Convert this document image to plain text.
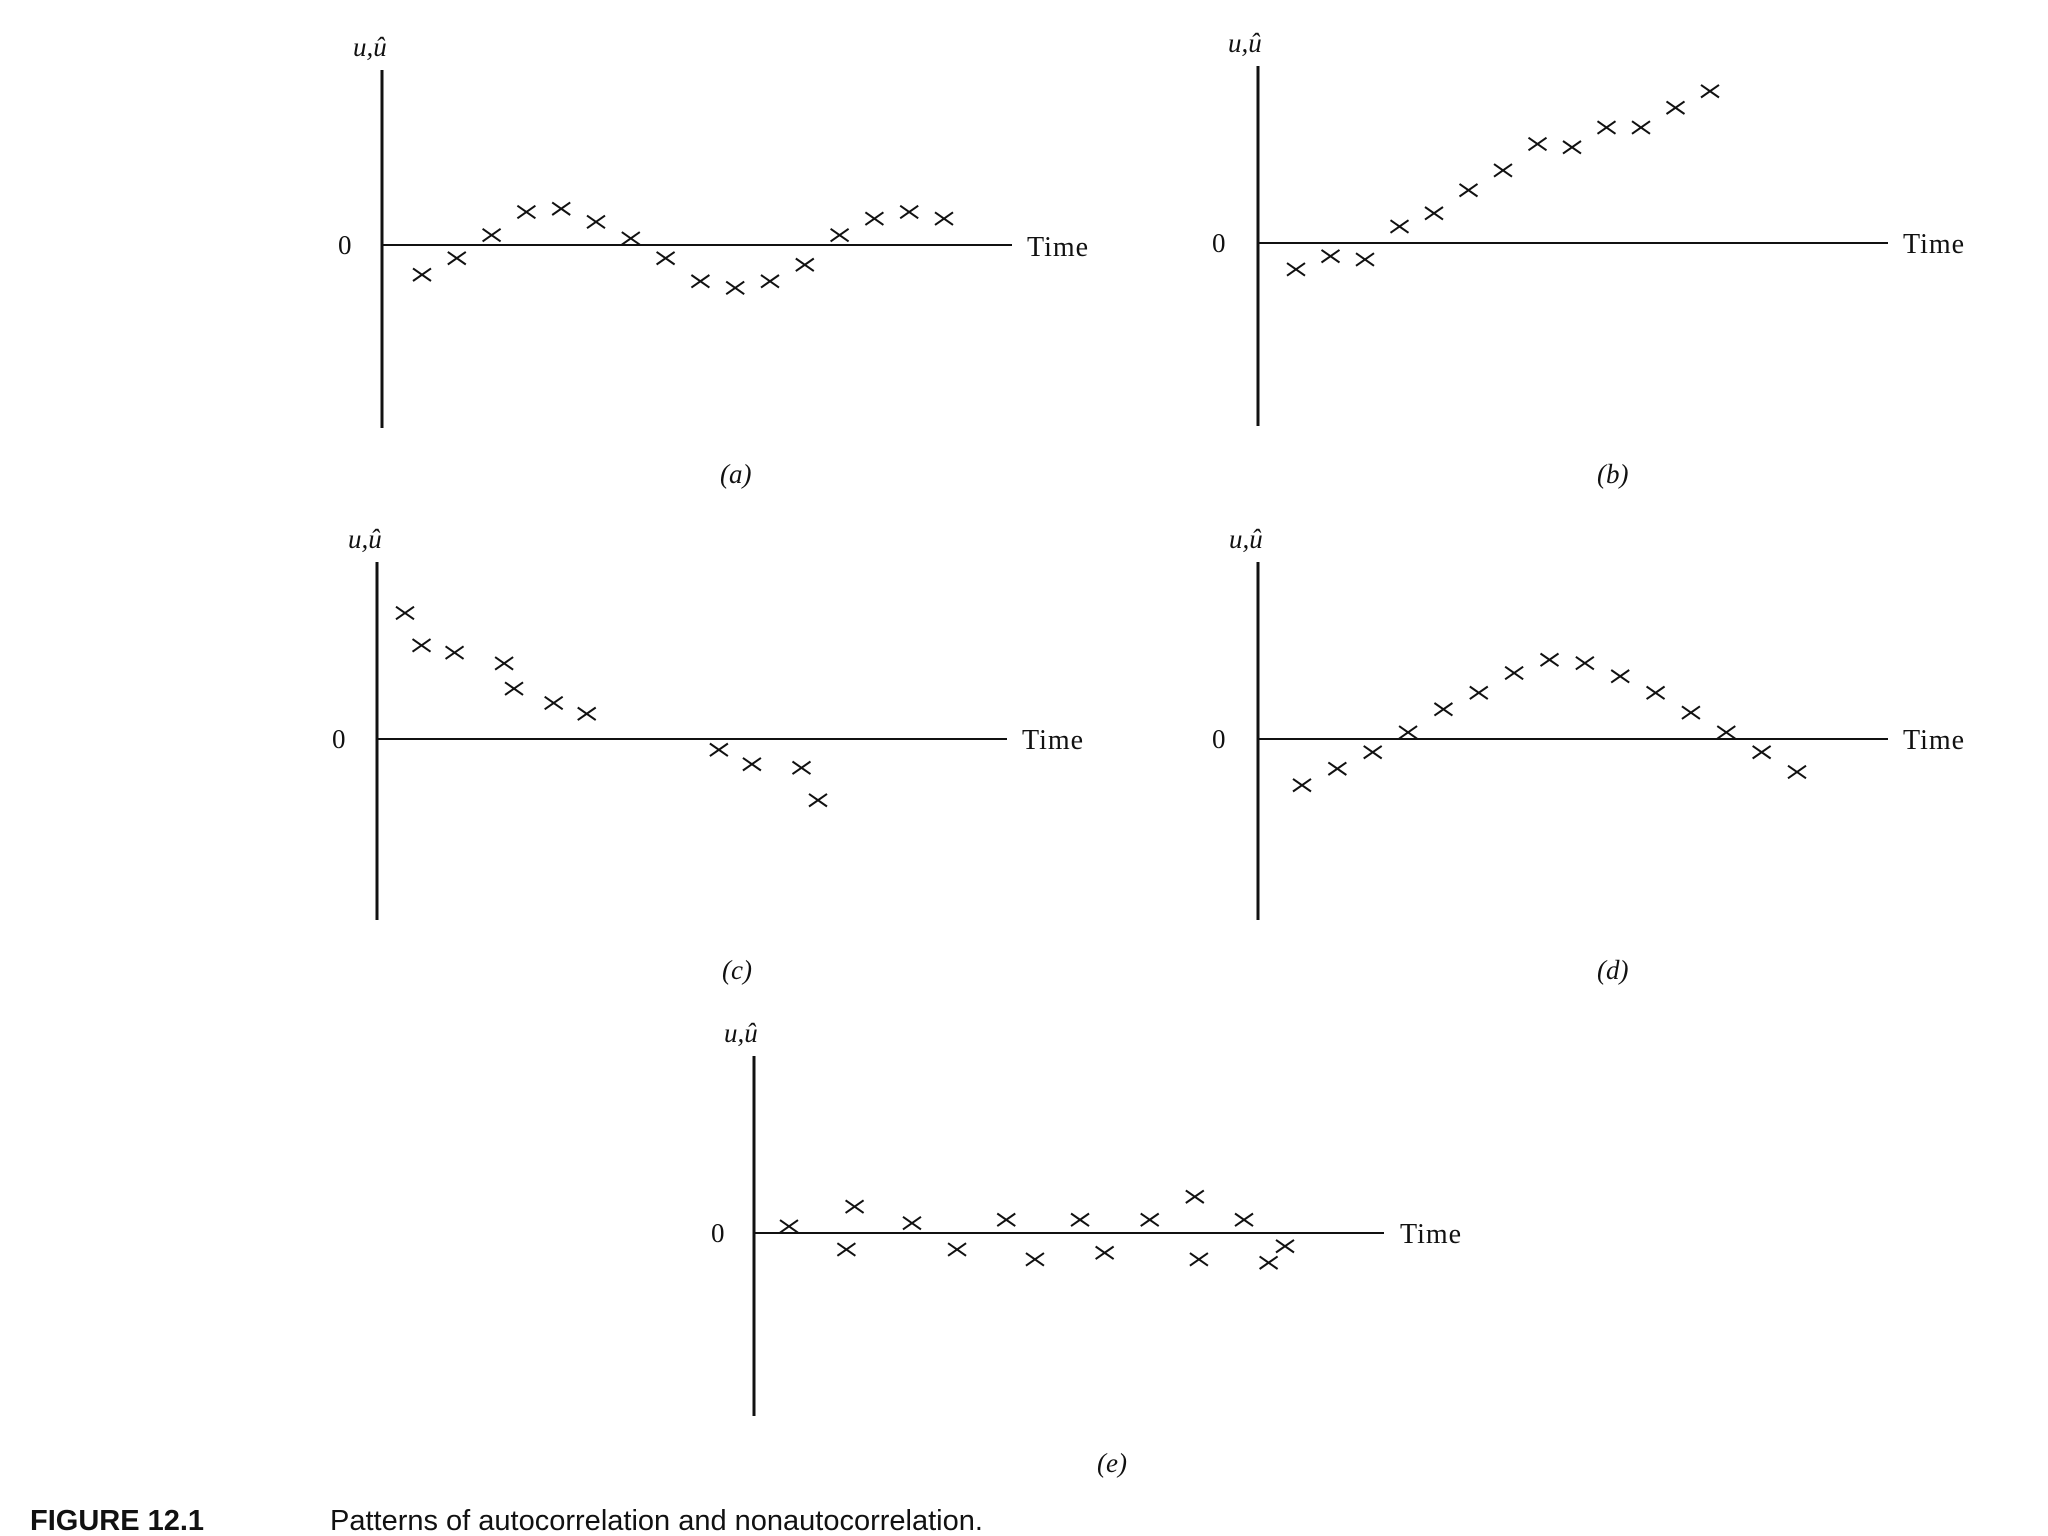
u,û
0	Time
(a)
u,û
0	Time
(b)
u,û
0	Time
(c)
u,û
0	Time
(d)
u,û
0	Time
(e)
FIGURE 12.1	Patterns of autocorrelation and nonautocorrelation.
